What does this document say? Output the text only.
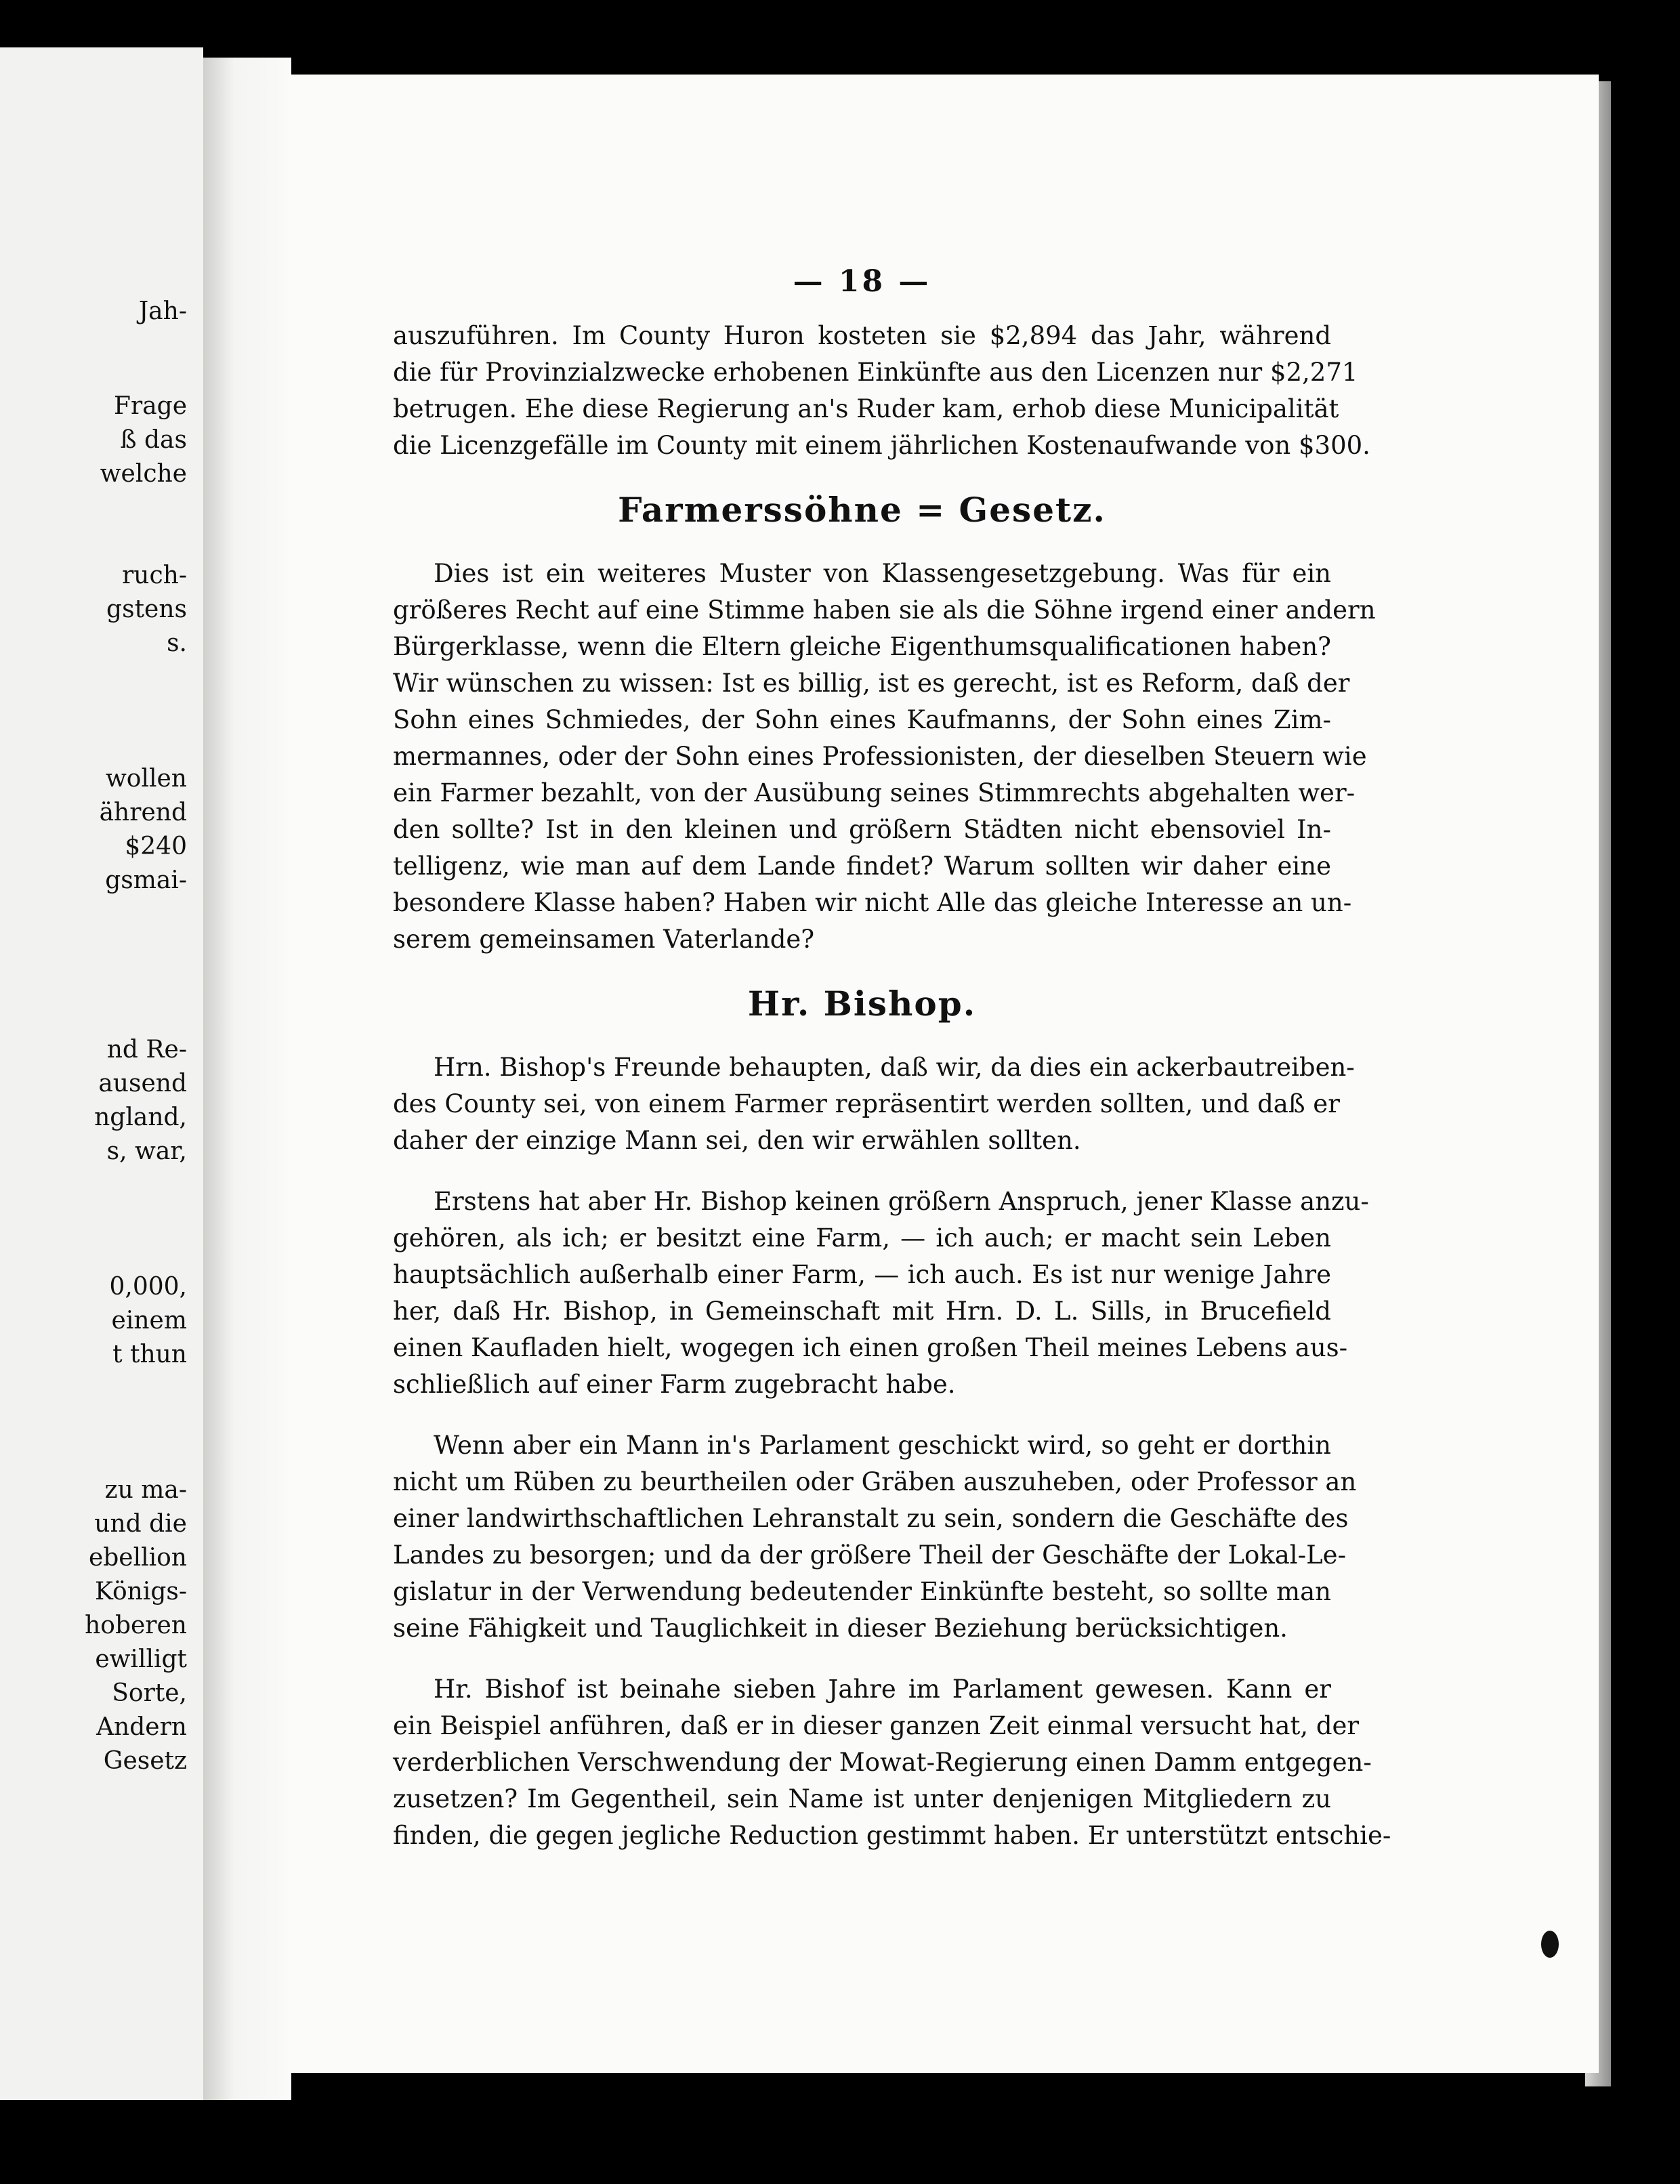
Jah-
Frage
ß das
welche
ruch-
gstens
s.
wollen
ährend
$240
gsmai-
nd Re-
ausend
ngland,
s, war,
0,000,
einem
t thun
zu ma-
und die
ebellion
Königs-
hoberen
ewilligt
Sorte,
Andern
Gesetz
— 18 —

auszuführen. Im County Huron kosteten sie $2,894 das Jahr, während
die für Provinzialzwecke erhobenen Einkünfte aus den Licenzen nur $2,271
betrugen. Ehe diese Regierung an's Ruder kam, erhob diese Municipalität
die Licenzgefälle im County mit einem jährlichen Kostenaufwande von $300.

Farmerssöhne = Gesetz.

Dies ist ein weiteres Muster von Klassengesetzgebung. Was für ein
größeres Recht auf eine Stimme haben sie als die Söhne irgend einer andern
Bürgerklasse, wenn die Eltern gleiche Eigenthumsqualificationen haben?
Wir wünschen zu wissen: Ist es billig, ist es gerecht, ist es Reform, daß der
Sohn eines Schmiedes, der Sohn eines Kaufmanns, der Sohn eines Zim-
mermannes, oder der Sohn eines Professionisten, der dieselben Steuern wie
ein Farmer bezahlt, von der Ausübung seines Stimmrechts abgehalten wer-
den sollte? Ist in den kleinen und größern Städten nicht ebensoviel In-
telligenz, wie man auf dem Lande findet? Warum sollten wir daher eine
besondere Klasse haben? Haben wir nicht Alle das gleiche Interesse an un-
serem gemeinsamen Vaterlande?

Hr. Bishop.

Hrn. Bishop's Freunde behaupten, daß wir, da dies ein ackerbautreiben-
des County sei, von einem Farmer repräsentirt werden sollten, und daß er
daher der einzige Mann sei, den wir erwählen sollten.

Erstens hat aber Hr. Bishop keinen größern Anspruch, jener Klasse anzu-
gehören, als ich; er besitzt eine Farm, — ich auch; er macht sein Leben
hauptsächlich außerhalb einer Farm, — ich auch. Es ist nur wenige Jahre
her, daß Hr. Bishop, in Gemeinschaft mit Hrn. D. L. Sills, in Brucefield
einen Kaufladen hielt, wogegen ich einen großen Theil meines Lebens aus-
schließlich auf einer Farm zugebracht habe.

Wenn aber ein Mann in's Parlament geschickt wird, so geht er dorthin
nicht um Rüben zu beurtheilen oder Gräben auszuheben, oder Professor an
einer landwirthschaftlichen Lehranstalt zu sein, sondern die Geschäfte des
Landes zu besorgen; und da der größere Theil der Geschäfte der Lokal-Le-
gislatur in der Verwendung bedeutender Einkünfte besteht, so sollte man
seine Fähigkeit und Tauglichkeit in dieser Beziehung berücksichtigen.

Hr. Bishof ist beinahe sieben Jahre im Parlament gewesen. Kann er
ein Beispiel anführen, daß er in dieser ganzen Zeit einmal versucht hat, der
verderblichen Verschwendung der Mowat-Regierung einen Damm entgegen-
zusetzen? Im Gegentheil, sein Name ist unter denjenigen Mitgliedern zu
finden, die gegen jegliche Reduction gestimmt haben. Er unterstützt entschie-
